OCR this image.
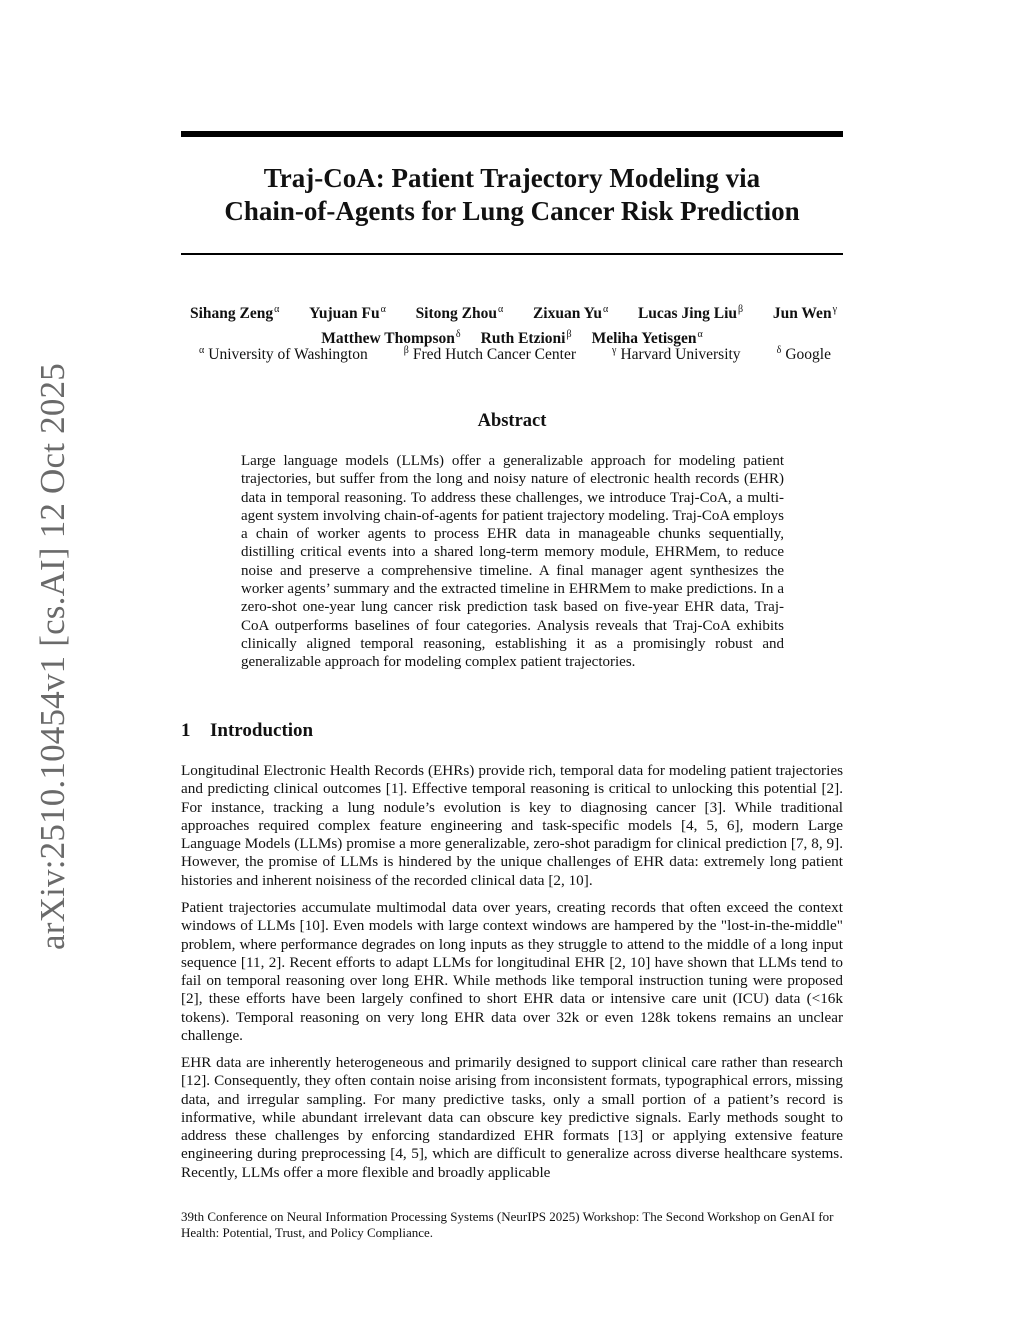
arXiv:2510.10454v1 [cs.AI] 12 Oct 2025
Traj-CoA: Patient Trajectory Modeling via
Chain-of-Agents for Lung Cancer Risk Prediction
Sihang Zeng$^\alpha$ Yujuan $Fu^\alpha$ Sitong Zhou$^\alpha$ Zixuan $Yu^\alpha$ Lucas Jing Liu$^\beta$ Jun Wen$^\gamma$
Matthew Thompson$^\delta$ Ruth Etzioni$^\beta$ Meliha Yetisgen$^\alpha$
$^\alpha$ University of Washington	$^\beta$ Fred Hutch Cancer Center	$^\gamma$ Harvard University	$^\delta$ Google
Abstract

Large language models (LLMs) offer a generalizable approach for modeling patient trajectories, but suffer from the long and noisy nature of electronic health records (EHR) data in temporal reasoning. To address these challenges, we introduce Traj-CoA, a multi-agent system involving chain-of-agents for patient trajectory modeling. Traj-CoA employs a chain of worker agents to process EHR data in manageable chunks sequentially, distilling critical events into a shared long-term memory module, EHRMem, to reduce noise and preserve a comprehensive timeline. A final manager agent synthesizes the worker agents’ summary and the extracted timeline in EHRMem to make predictions. In a zero-shot one-year lung cancer risk prediction task based on five-year EHR data, Traj-CoA outperforms baselines of four categories. Analysis reveals that Traj-CoA exhibits clinically aligned temporal reasoning, establishing it as a promisingly robust and generalizable approach for modeling complex patient trajectories.

1 Introduction

Longitudinal Electronic Health Records (EHRs) provide rich, temporal data for modeling patient trajectories and predicting clinical outcomes [1]. Effective temporal reasoning is critical to unlocking this potential [2]. For instance, tracking a lung nodule’s evolution is key to diagnosing cancer [3]. While traditional approaches required complex feature engineering and task-specific models [4, 5, 6], modern Large Language Models (LLMs) promise a more generalizable, zero-shot paradigm for clinical prediction [7, 8, 9]. However, the promise of LLMs is hindered by the unique challenges of EHR data: extremely long patient histories and inherent noisiness of the recorded clinical data [2, 10].

Patient trajectories accumulate multimodal data over years, creating records that often exceed the context windows of LLMs [10]. Even models with large context windows are hampered by the "lost-in-the-middle" problem, where performance degrades on long inputs as they struggle to attend to the middle of a long input sequence [11, 2]. Recent efforts to adapt LLMs for longitudinal EHR [2, 10] have shown that LLMs tend to fail on temporal reasoning over long EHR. While methods like temporal instruction tuning were proposed [2], these efforts have been largely confined to short EHR data or intensive care unit (ICU) data (<16k tokens). Temporal reasoning on very long EHR data over 32k or even 128k tokens remains an unclear challenge.

EHR data are inherently heterogeneous and primarily designed to support clinical care rather than research [12]. Consequently, they often contain noise arising from inconsistent formats, typographical errors, missing data, and irregular sampling. For many predictive tasks, only a small portion of a patient’s record is informative, while abundant irrelevant data can obscure key predictive signals. Early methods sought to address these challenges by enforcing standardized EHR formats [13] or applying extensive feature engineering during preprocessing [4, 5], which are difficult to generalize across diverse healthcare systems. Recently, LLMs offer a more flexible and broadly applicable

39th Conference on Neural Information Processing Systems (NeurIPS 2025) Workshop: The Second Workshop on GenAI for Health: Potential, Trust, and Policy Compliance.
